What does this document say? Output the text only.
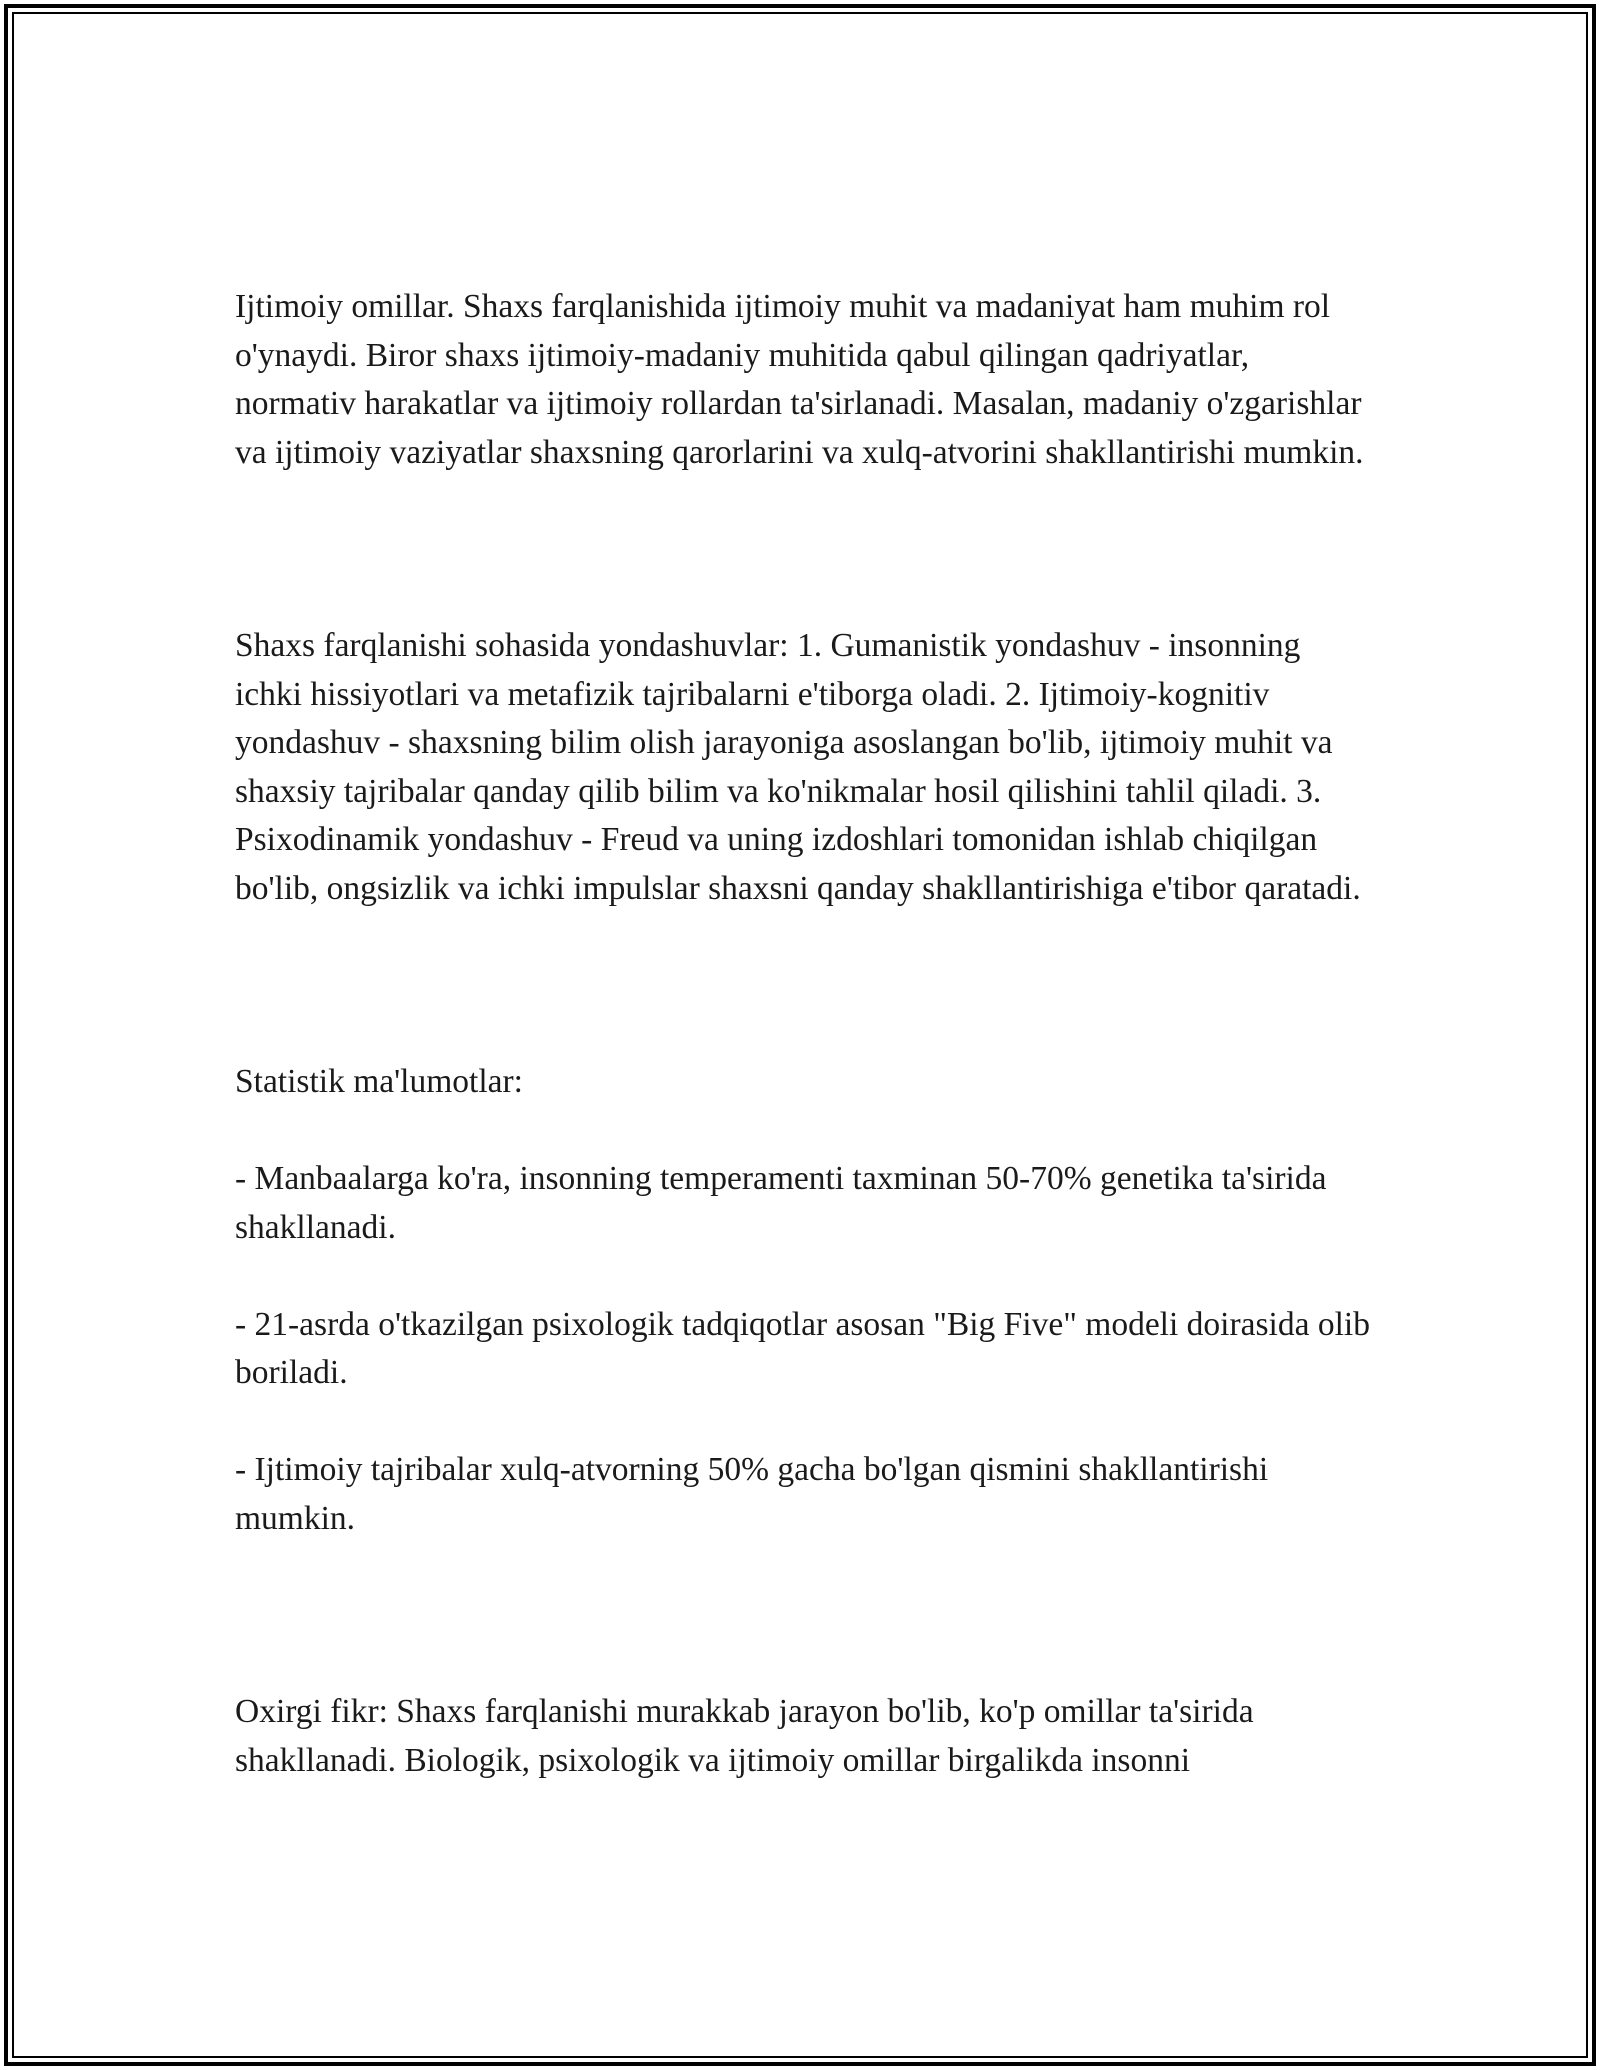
Ijtimoiy omillar. Shaxs farqlanishida ijtimoiy muhit va madaniyat ham muhim rol o'ynaydi. Biror shaxs ijtimoiy-madaniy muhitida qabul qilingan qadriyatlar, normativ harakatlar va ijtimoiy rollardan ta'sirlanadi. Masalan, madaniy o'zgarishlar va ijtimoiy vaziyatlar shaxsning qarorlarini va xulq-atvorini shakllantirishi mumkin.

Shaxs farqlanishi sohasida yondashuvlar: 1. Gumanistik yondashuv - insonning ichki hissiyotlari va metafizik tajribalarni e'tiborga oladi. 2. Ijtimoiy-kognitiv yondashuv - shaxsning bilim olish jarayoniga asoslangan bo'lib, ijtimoiy muhit va shaxsiy tajribalar qanday qilib bilim va ko'nikmalar hosil qilishini tahlil qiladi. 3. Psixodinamik yondashuv - Freud va uning izdoshlari tomonidan ishlab chiqilgan bo'lib, ongsizlik va ichki impulslar shaxsni qanday shakllantirishiga e'tibor qaratadi.

Statistik ma'lumotlar:

- Manbaalarga ko'ra, insonning temperamenti taxminan 50-70% genetika ta'sirida shakllanadi.

- 21-asrda o'tkazilgan psixologik tadqiqotlar asosan "Big Five" modeli doirasida olib boriladi.

- Ijtimoiy tajribalar xulq-atvorning 50% gacha bo'lgan qismini shakllantirishi mumkin.

Oxirgi fikr: Shaxs farqlanishi murakkab jarayon bo'lib, ko'p omillar ta'sirida shakllanadi. Biologik, psixologik va ijtimoiy omillar birgalikda insonni
